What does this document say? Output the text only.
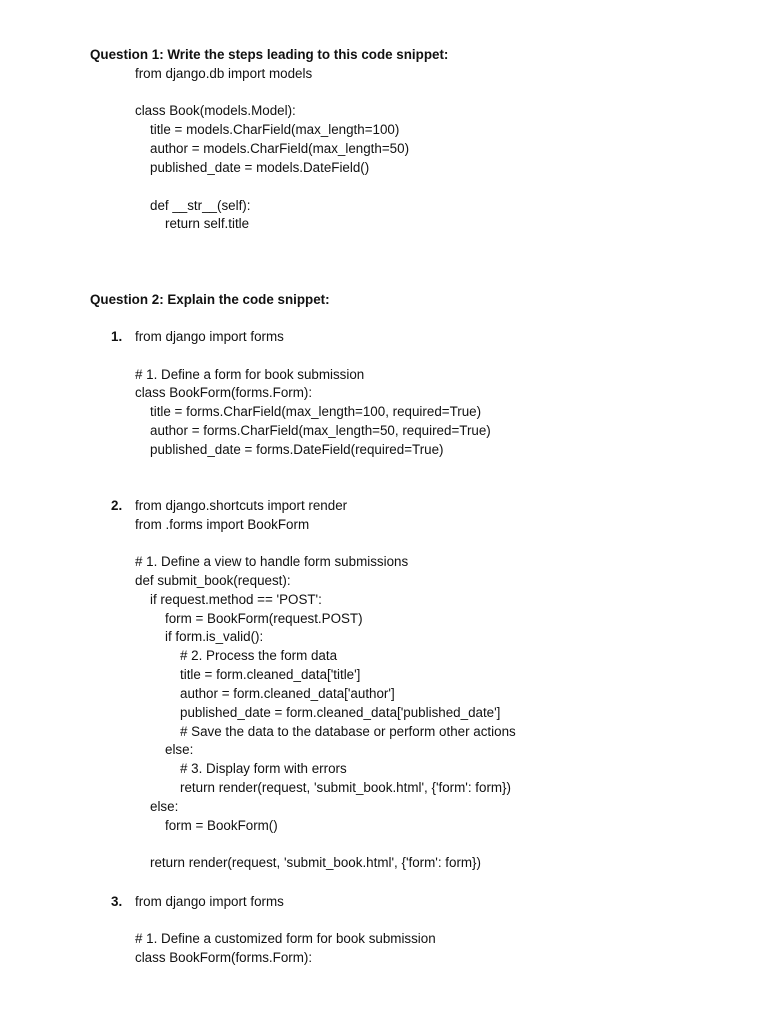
Question 1: Write the steps leading to this code snippet:
from django.db import models
class Book(models.Model):
title = models.CharField(max_length=100)
author = models.CharField(max_length=50)
published_date = models.DateField()
def __str__(self):
return self.title
Question 2: Explain the code snippet:
1. from django import forms
# 1. Define a form for book submission
class BookForm(forms.Form):
title = forms.CharField(max_length=100, required=True)
author = forms.CharField(max_length=50, required=True)
published_date = forms.DateField(required=True)
2. from django.shortcuts import render
from .forms import BookForm
# 1. Define a view to handle form submissions
def submit_book(request):
if request.method == 'POST':
form = BookForm(request.POST)
if form.is_valid():
# 2. Process the form data
title = form.cleaned_data['title']
author = form.cleaned_data['author']
published_date = form.cleaned_data['published_date']
# Save the data to the database or perform other actions
else:
# 3. Display form with errors
return render(request, 'submit_book.html', {'form': form})
else:
form = BookForm()
return render(request, 'submit_book.html', {'form': form})
3. from django import forms
# 1. Define a customized form for book submission
class BookForm(forms.Form):
